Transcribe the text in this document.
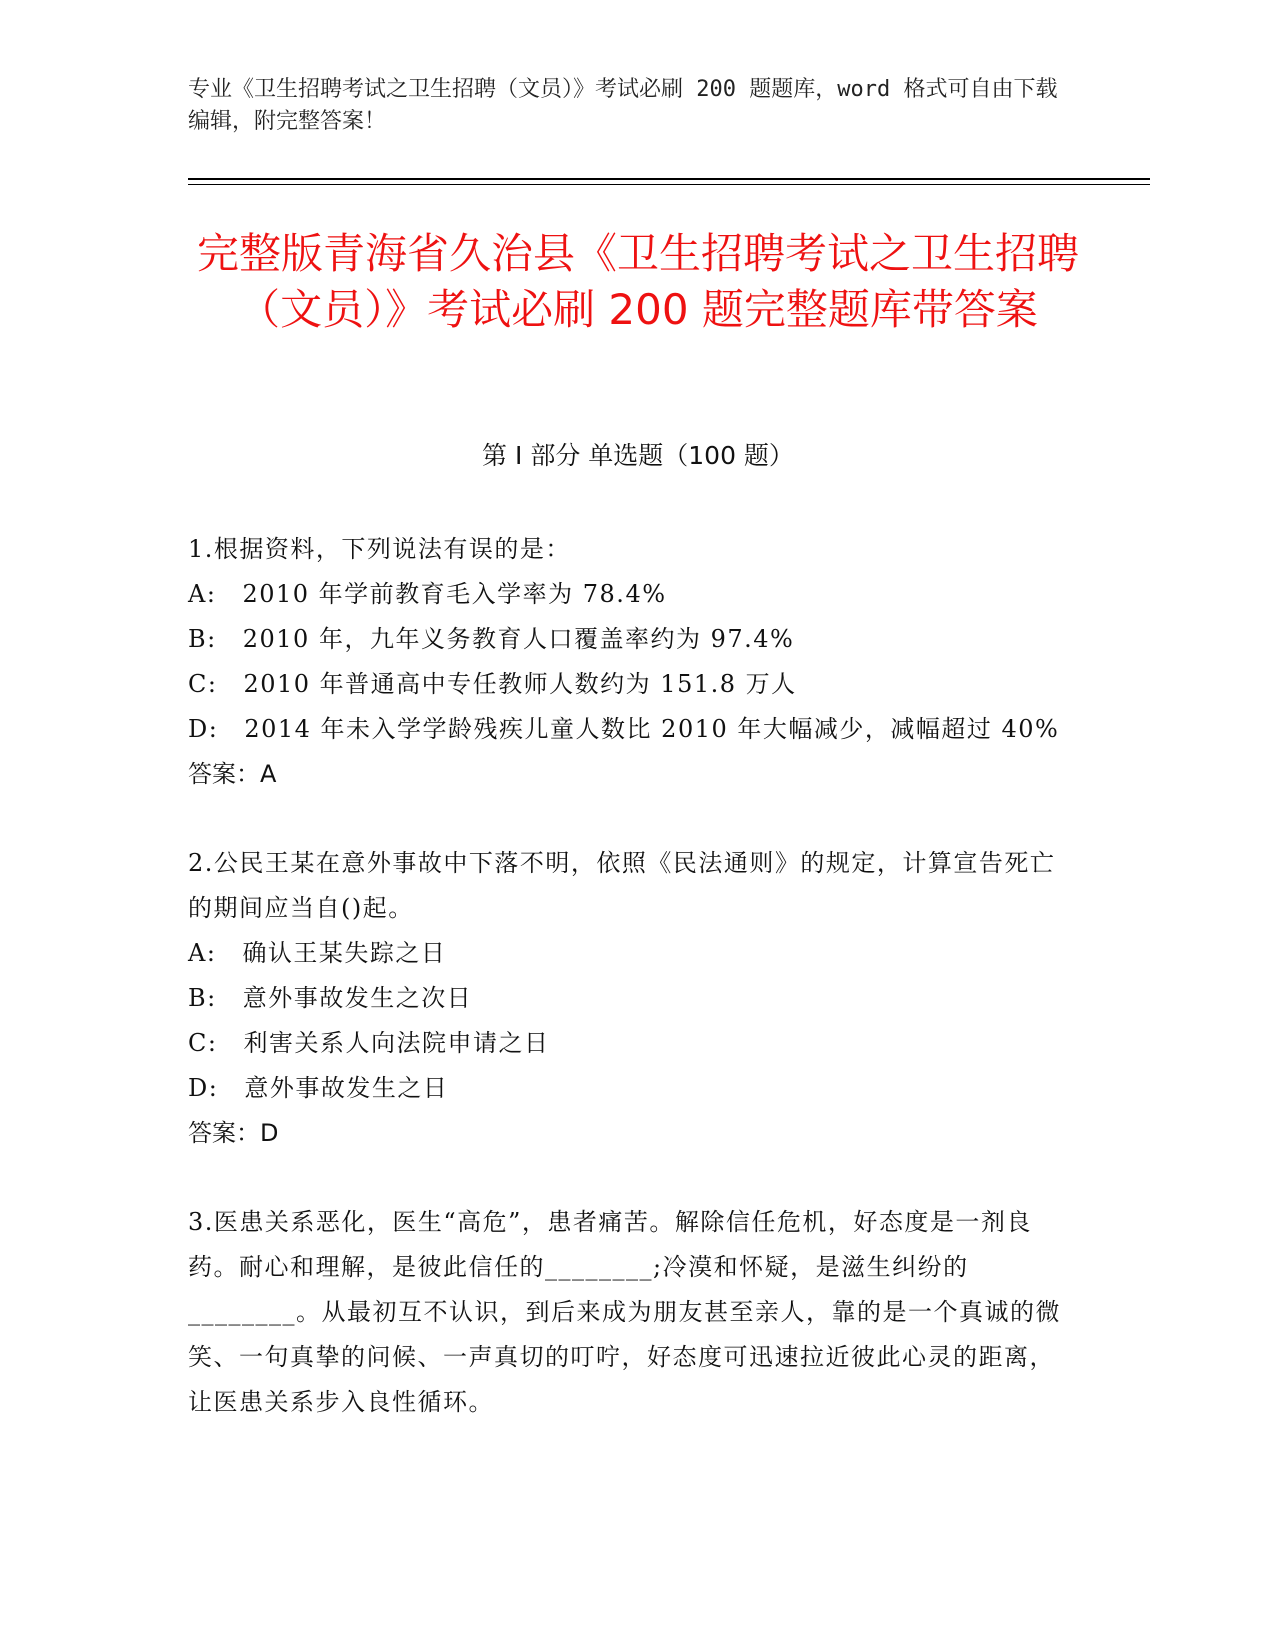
专业《卫生招聘考试之卫生招聘（文员）》考试必刷 200 题题库，word 格式可自由下载编辑，附完整答案！
完整版青海省久治县《卫生招聘考试之卫生招聘（文员）》考试必刷 200 题完整题库带答案
第 I 部分 单选题（100 题）

1.根据资料，下列说法有误的是：

A: 2010 年学前教育毛入学率为 78.4%

B: 2010 年，九年义务教育人口覆盖率约为 97.4%

C: 2010 年普通高中专任教师人数约为 151.8 万人

D: 2014 年未入学学龄残疾儿童人数比 2010 年大幅减少，减幅超过 40%

答案：A

2.公民王某在意外事故中下落不明，依照《民法通则》的规定，计算宣告死亡的期间应当自()起。

A: 确认王某失踪之日

B: 意外事故发生之次日

C: 利害关系人向法院申请之日

D: 意外事故发生之日

答案：D

3.医患关系恶化，医生“高危”，患者痛苦。解除信任危机，好态度是一剂良药。耐心和理解，是彼此信任的________;冷漠和怀疑，是滋生纠纷的________。从最初互不认识，到后来成为朋友甚至亲人，靠的是一个真诚的微笑、一句真挚的问候、一声真切的叮咛，好态度可迅速拉近彼此心灵的距离，让医患关系步入良性循环。
